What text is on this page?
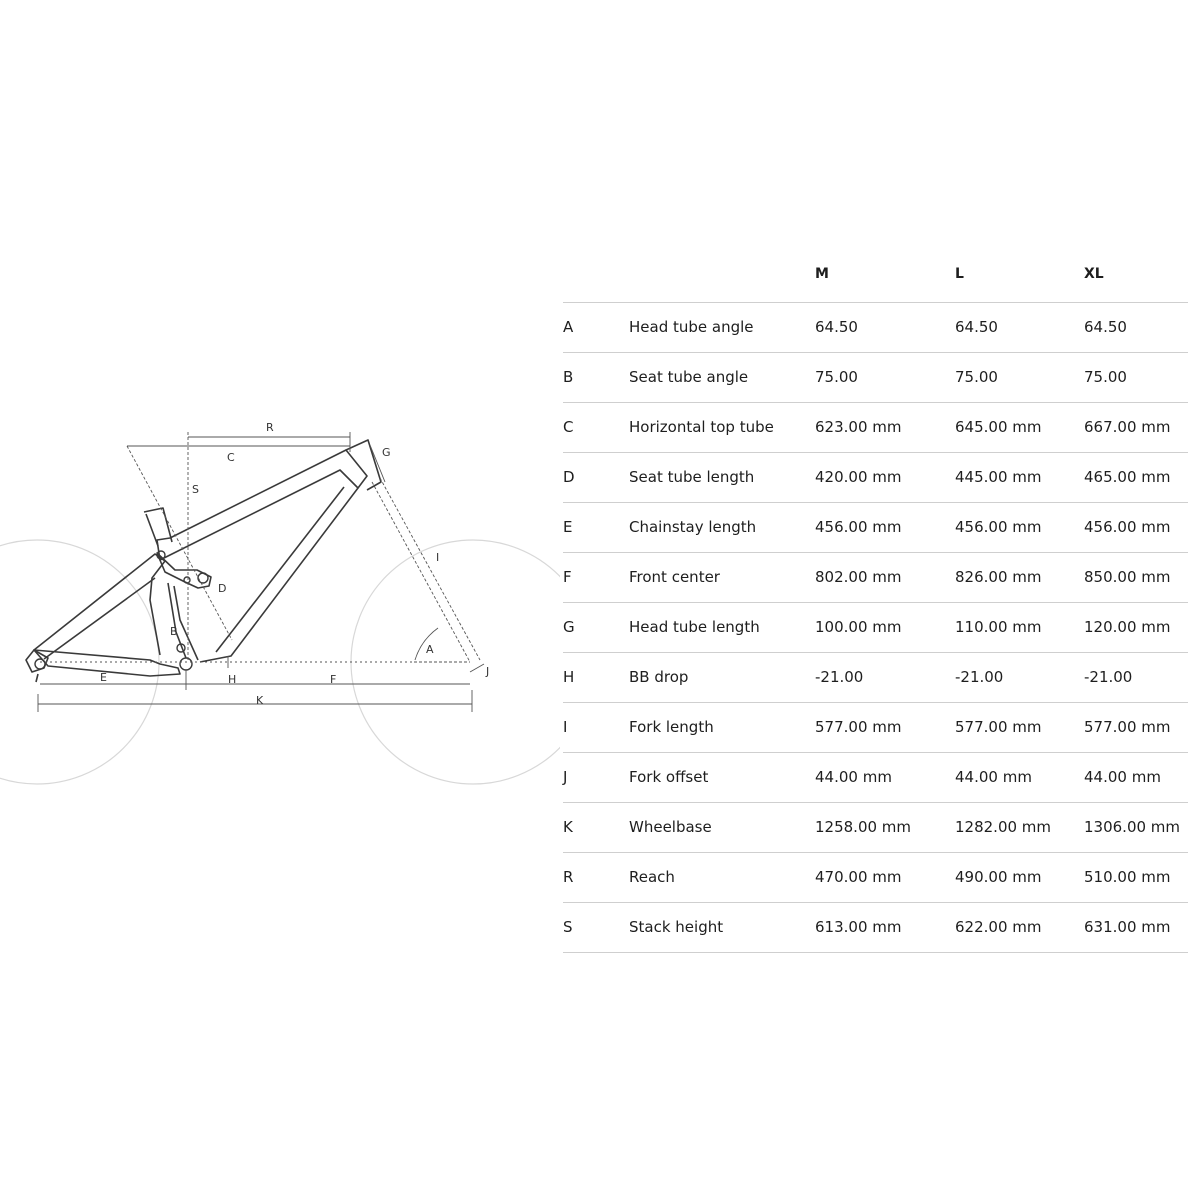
R
C
S
G
I
D
B
A
J
E	H	F
K
M	L	XL
A	Head tube angle	64.50	64.50	64.50
B	Seat tube angle	75.00	75.00	75.00
C	Horizontal top tube	623.00 mm	645.00 mm	667.00 mm
D	Seat tube length	420.00 mm	445.00 mm	465.00 mm
E	Chainstay length	456.00 mm	456.00 mm	456.00 mm
F	Front center	802.00 mm	826.00 mm	850.00 mm
G	Head tube length	100.00 mm	110.00 mm	120.00 mm
H	BB drop	-21.00	-21.00	-21.00
I	Fork length	577.00 mm	577.00 mm	577.00 mm
J	Fork offset	44.00 mm	44.00 mm	44.00 mm
K	Wheelbase	1258.00 mm	1282.00 mm 1306.00 mm
R	Reach	470.00 mm	490.00 mm	510.00 mm
S	Stack height	613.00 mm	622.00 mm	631.00 mm
